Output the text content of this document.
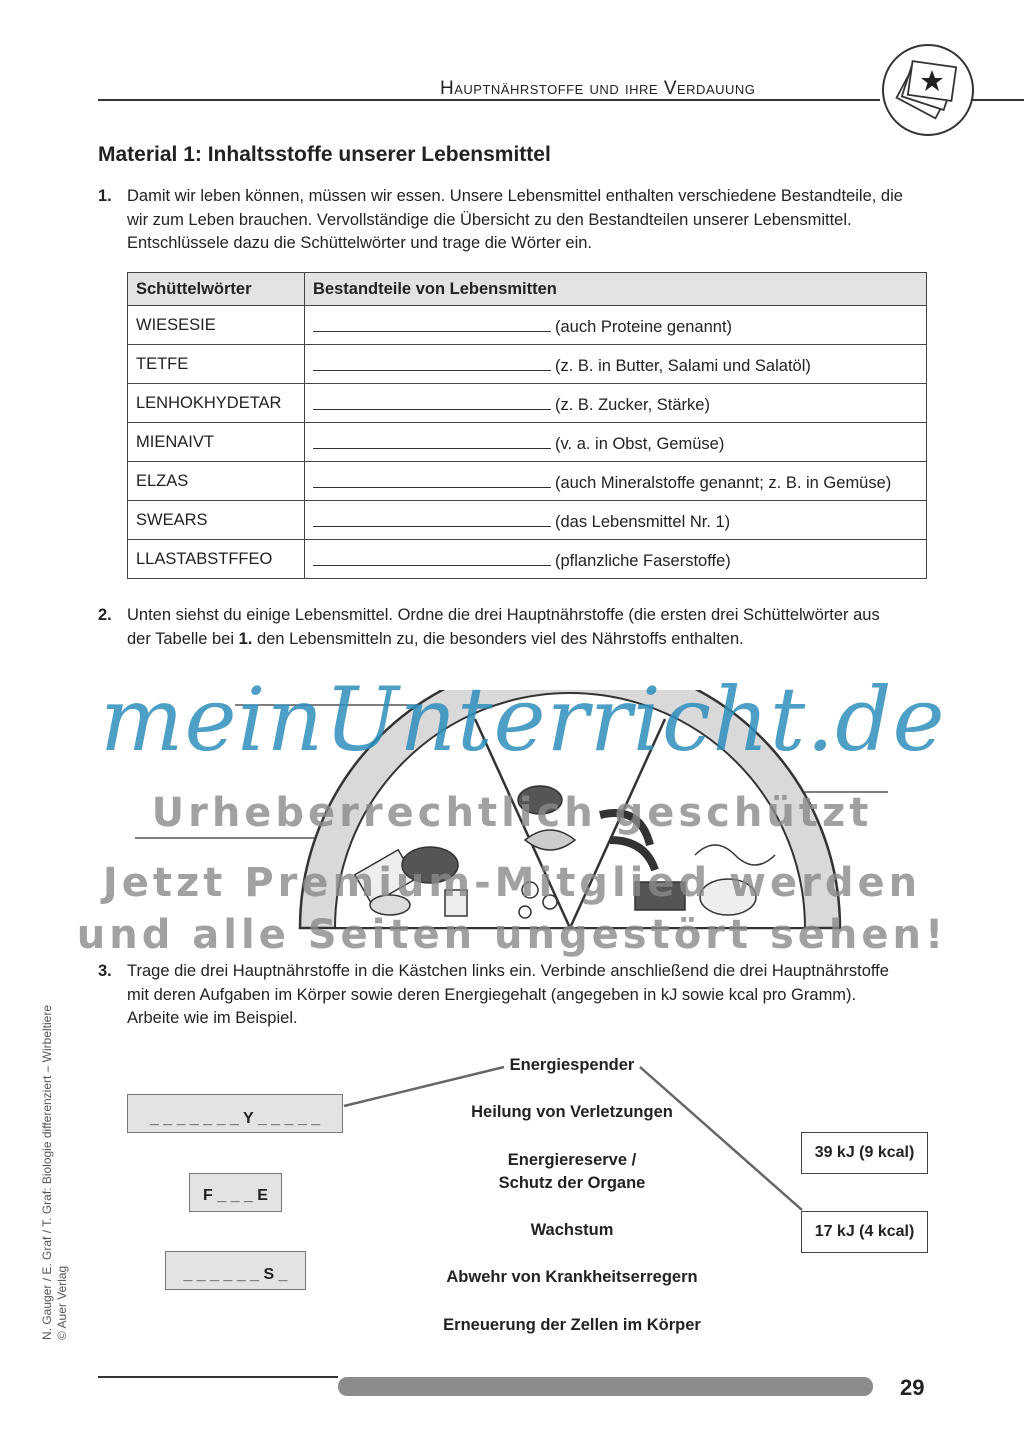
Hauptnährstoffe und ihre Verdauung
Material 1: Inhaltsstoffe unserer Lebensmittel
1. Damit wir leben können, müssen wir essen. Unsere Lebensmittel enthalten verschiedene Bestandteile, die wir zum Leben brauchen. Vervollständige die Übersicht zu den Bestandteilen unserer Lebensmittel. Entschlüssele dazu die Schüttelwörter und trage die Wörter ein.
Schüttelwörter	Bestandteile von Lebensmitten
WIESESIE	(auch Proteine genannt)
TETFE	(z. B. in Butter, Salami und Salatöl)
LENHOKHYDETAR	(z. B. Zucker, Stärke)
MIENAIVT	(v. a. in Obst, Gemüse)
ELZAS	(auch Mineralstoffe genannt; z. B. in Gemüse)
SWEARS	(das Lebensmittel Nr. 1)
LLASTABSTFFEO	(pflanzliche Faserstoffe)
2. Unten siehst du einige Lebensmittel. Ordne die drei Hauptnährstoffe (die ersten drei Schüttelwörter aus der Tabelle bei 1. den Lebensmitteln zu, die besonders viel des Nährstoffs enthalten.
meinUnterricht.de
Urheberrechtlich geschützt
Jetzt Premium-Mitglied werden
und alle Seiten ungestört sehen!
3. Trage die drei Hauptnährstoffe in die Kästchen links ein. Verbinde anschließend die drei Hauptnährstoffe mit deren Aufgaben im Körper sowie deren Energiegehalt (angegeben in kJ sowie kcal pro Gramm). Arbeite wie im Beispiel.
_ _ _ _ _ _ _ Y _ _ _ _ _
F _ _ _ E
_ _ _ _ _ _ S _
Energiespender
Heilung von Verletzungen
Energiereserve /
Schutz der Organe
Wachstum
Abwehr von Krankheitserregern
Erneuerung der Zellen im Körper
39 kJ (9 kcal)
17 kJ (4 kcal)
N. Gauger / E. Graf / T. Graf: Biologie differenziert – Wirbeltiere © Auer Verlag
29
